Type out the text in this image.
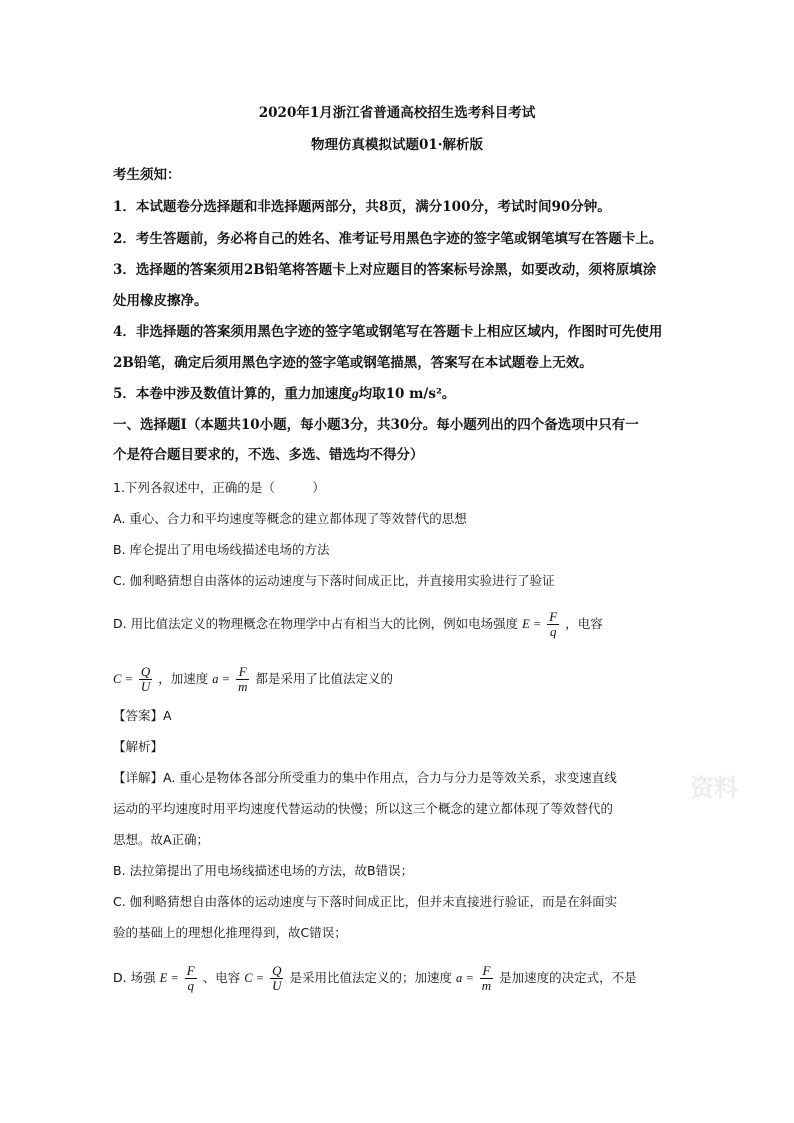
2020年1月浙江省普通高校招生选考科目考试
物理仿真模拟试题01·解析版
考生须知：
1．本试题卷分选择题和非选择题两部分，共8页，满分100分，考试时间90分钟。
2．考生答题前，务必将自己的姓名、准考证号用黑色字迹的签字笔或钢笔填写在答题卡上。
3．选择题的答案须用2B铅笔将答题卡上对应题目的答案标号涂黑，如要改动，须将原填涂
处用橡皮擦净。
4．非选择题的答案须用黑色字迹的签字笔或钢笔写在答题卡上相应区域内，作图时可先使用
2B铅笔，确定后须用黑色字迹的签字笔或钢笔描黑，答案写在本试题卷上无效。
5．本卷中涉及数值计算的，重力加速度g均取10 m/s²。
一、选择题Ⅰ（本题共10小题，每小题3分，共30分。每小题列出的四个备选项中只有一
个是符合题目要求的，不选、多选、错选均不得分）
1.下列各叙述中，正确的是（　　　）
A. 重心、合力和平均速度等概念的建立都体现了等效替代的思想
B. 库仑提出了用电场线描述电场的方法
C. 伽利略猜想自由落体的运动速度与下落时间成正比，并直接用实验进行了验证
D. 用比值法定义的物理概念在物理学中占有相当大的比例，例如电场强度 $E = \frac{F}{q}$ ，电容
$C = \frac{Q}{U}$ ，加速度 $a = \frac{F}{m}$ 都是采用了比值法定义的
【答案】A
【解析】
【详解】A. 重心是物体各部分所受重力的集中作用点，合力与分力是等效关系，求变速直线
运动的平均速度时用平均速度代替运动的快慢；所以这三个概念的建立都体现了等效替代的
思想。故A正确；
B. 法拉第提出了用电场线描述电场的方法，故B错误；
C. 伽利略猜想自由落体的运动速度与下落时间成正比，但并未直接进行验证，而是在斜面实
验的基础上的理想化推理得到，故C错误；
D. 场强 $E = \frac{F}{q}$ 、电容 $C = \frac{Q}{U}$ 是采用比值法定义的；加速度 $a = \frac{F}{m}$ 是加速度的决定式，不是
资料
